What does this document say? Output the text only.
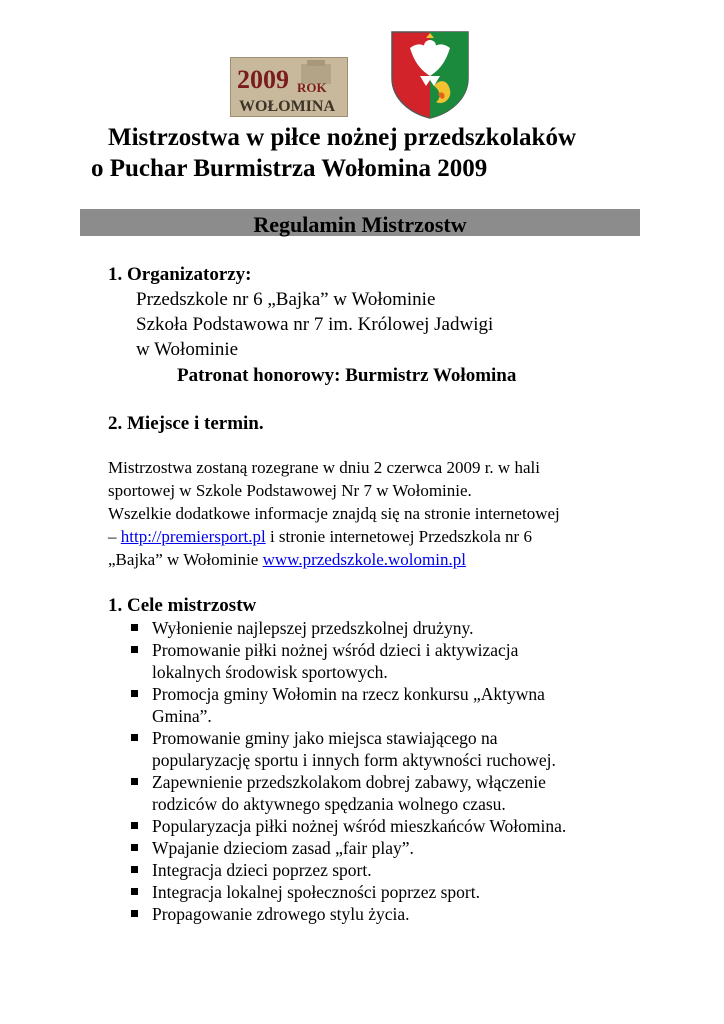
2009 ROK
WOŁOMINA
Mistrzostwa w piłce nożnej przedszkolaków
o Puchar Burmistrza Wołomina 2009
Regulamin Mistrzostw
1. Organizatorzy:
Przedszkole nr 6 „Bajka” w Wołominie
Szkoła Podstawowa nr 7 im. Królowej Jadwigi
w Wołominie
Patronat honorowy: Burmistrz Wołomina
2. Miejsce i termin.
Mistrzostwa zostaną rozegrane w dniu 2 czerwca 2009 r. w hali
sportowej w Szkole Podstawowej Nr 7 w Wołominie.
Wszelkie dodatkowe informacje znajdą się na stronie internetowej
– http://premiersport.pl i stronie internetowej Przedszkola nr 6
„Bajka” w Wołominie www.przedszkole.wolomin.pl
1. Cele mistrzostw
Wyłonienie najlepszej przedszkolnej drużyny.
Promowanie piłki nożnej wśród dzieci i aktywizacja
lokalnych środowisk sportowych.
Promocja gminy Wołomin na rzecz konkursu „Aktywna
Gmina”.
Promowanie gminy jako miejsca stawiającego na
popularyzację sportu i innych form aktywności ruchowej.
Zapewnienie przedszkolakom dobrej zabawy, włączenie
rodziców do aktywnego spędzania wolnego czasu.
Popularyzacja piłki nożnej wśród mieszkańców Wołomina.
Wpajanie dzieciom zasad „fair play”.
Integracja dzieci poprzez sport.
Integracja lokalnej społeczności poprzez sport.
Propagowanie zdrowego stylu życia.
